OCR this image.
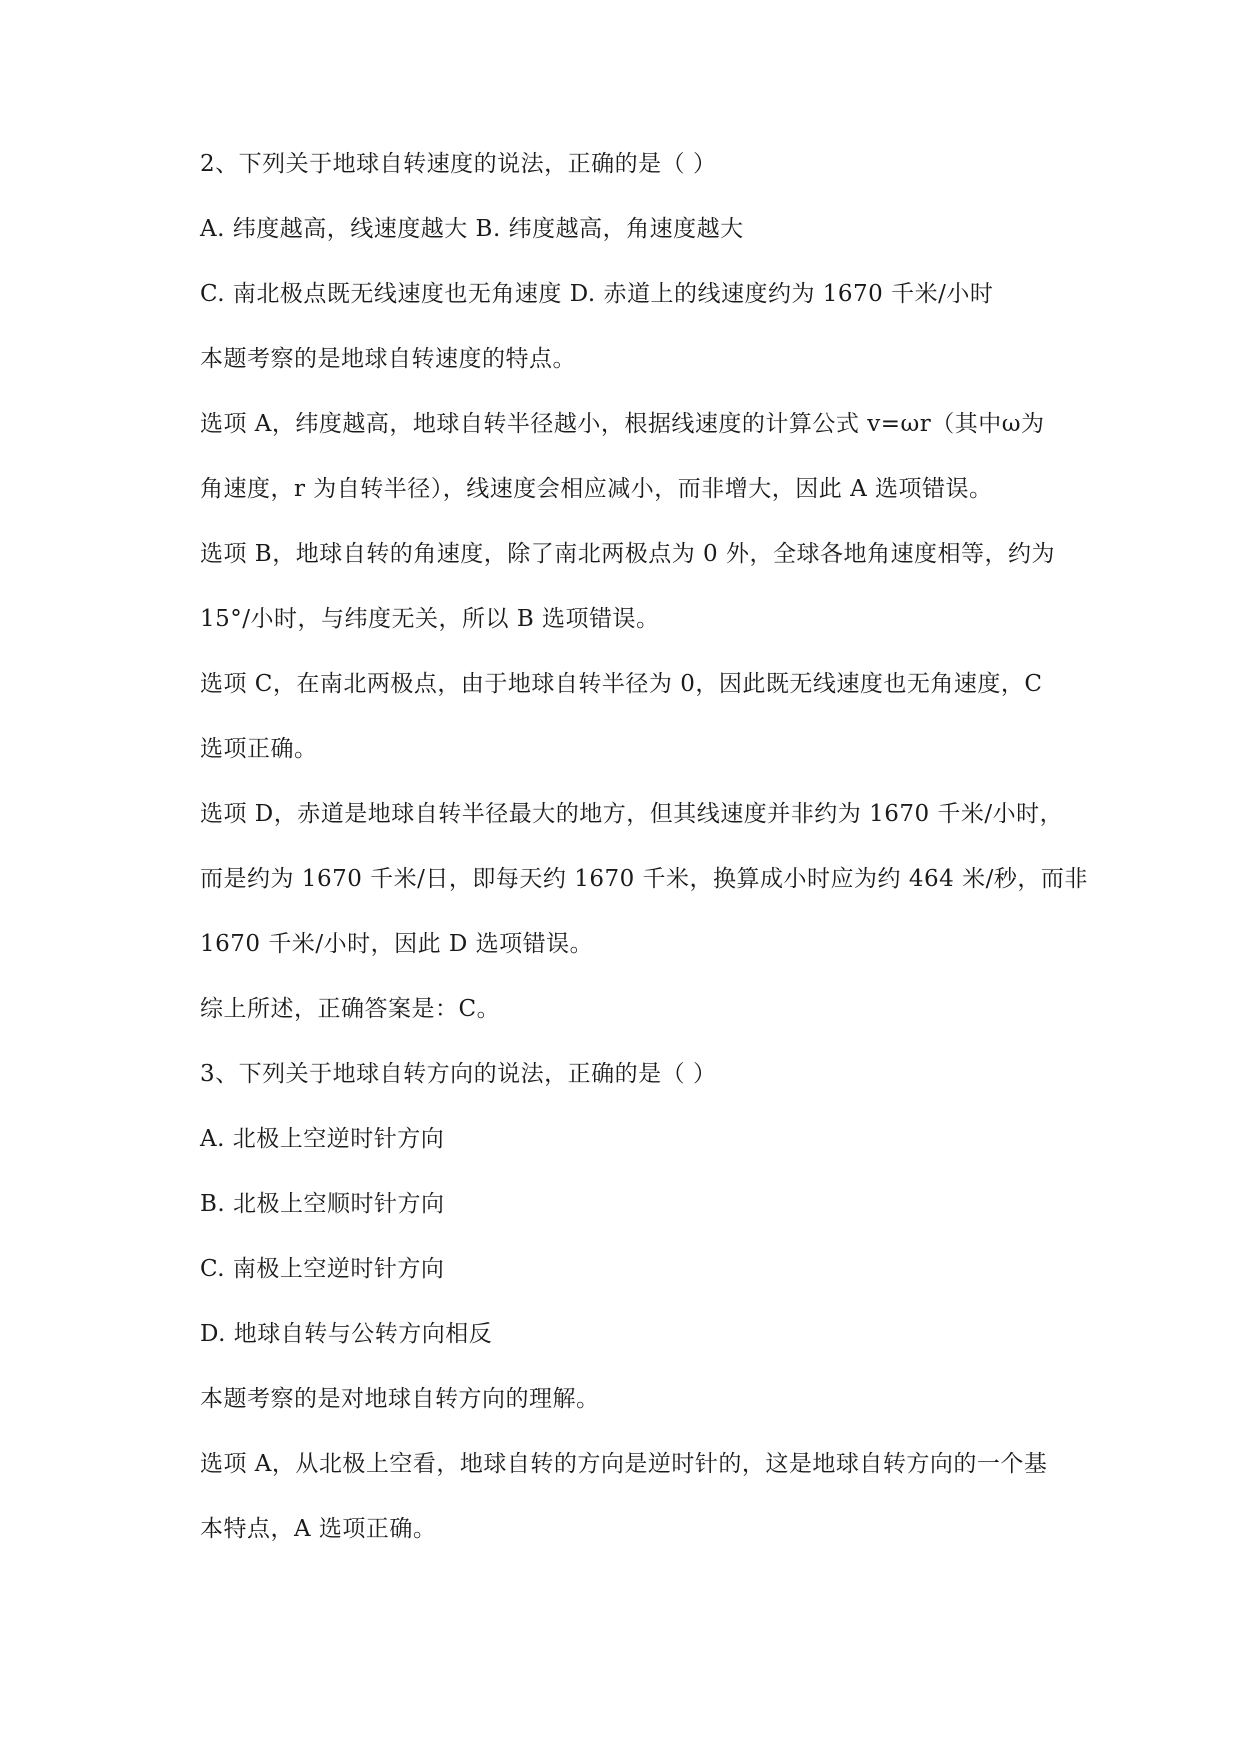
2、下列关于地球自转速度的说法，正确的是（ ）
A. 纬度越高，线速度越大 B. 纬度越高，角速度越大
C. 南北极点既无线速度也无角速度 D. 赤道上的线速度约为 1670 千米/小时
本题考察的是地球自转速度的特点。
选项 A，纬度越高，地球自转半径越小，根据线速度的计算公式 v=ωr（其中ω为
角速度，r 为自转半径），线速度会相应减小，而非增大，因此 A 选项错误。
选项 B，地球自转的角速度，除了南北两极点为 0 外，全球各地角速度相等，约为
15°/小时，与纬度无关，所以 B 选项错误。
选项 C，在南北两极点，由于地球自转半径为 0，因此既无线速度也无角速度，C
选项正确。
选项 D，赤道是地球自转半径最大的地方，但其线速度并非约为 1670 千米/小时，
而是约为 1670 千米/日，即每天约 1670 千米，换算成小时应为约 464 米/秒，而非
1670 千米/小时，因此 D 选项错误。
综上所述，正确答案是：C。
3、下列关于地球自转方向的说法，正确的是（ ）
A. 北极上空逆时针方向
B. 北极上空顺时针方向
C. 南极上空逆时针方向
D. 地球自转与公转方向相反
本题考察的是对地球自转方向的理解。
选项 A，从北极上空看，地球自转的方向是逆时针的，这是地球自转方向的一个基
本特点，A 选项正确。
